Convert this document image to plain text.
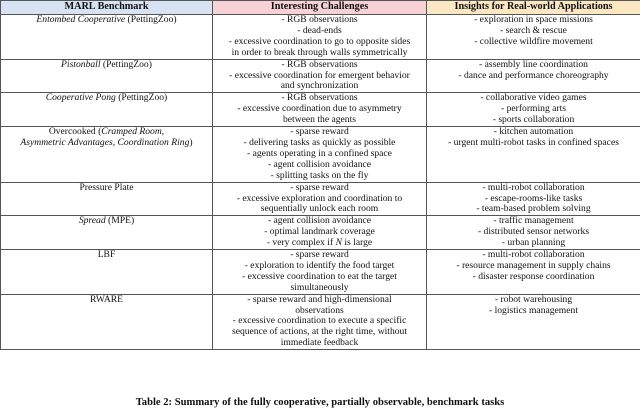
MARL Benchmark	Interesting Challenges	Insights for Real-world Applications

Entombed Cooperative (PettingZoo)	- RGB observations
- dead-ends
- excessive coordination to go to opposite sides
in order to break through walls symmetrically	- exploration in space missions
- search & rescue
- collective wildfire movement

Pistonball (PettingZoo)	- RGB observations
- excessive coordination for emergent behavior
and synchronization	- assembly line coordination
- dance and performance choreography

Cooperative Pong (PettingZoo)	- RGB observations
- excessive coordination due to asymmetry
between the agents	- collaborative video games
- performing arts
- sports collaboration

Overcooked (Cramped Room,
Asymmetric Advantages, Coordination Ring)	- sparse reward
- delivering tasks as quickly as possible
- agents operating in a confined space
- agent collision avoidance
- splitting tasks on the fly	- kitchen automation
- urgent multi-robot tasks in confined spaces

Pressure Plate	- sparse reward
- excessive exploration and coordination to
sequentially unlock each room	- multi-robot collaboration
- escape-rooms-like tasks
- team-based problem solving

Spread (MPE)	- agent collision avoidance
- optimal landmark coverage
- very complex if N is large	- traffic management
- distributed sensor networks
- urban planning

LBF	- sparse reward
- exploration to identify the food target
- excessive coordination to eat the target
simultaneously	- multi-robot collaboration
- resource management in supply chains
- disaster response coordination

RWARE	- sparse reward and high-dimensional
observations
- excessive coordination to execute a specific
sequence of actions, at the right time, without
immediate feedback	- robot warehousing
- logistics management
Table 2: Summary of the fully cooperative, partially observable, benchmark tasks
